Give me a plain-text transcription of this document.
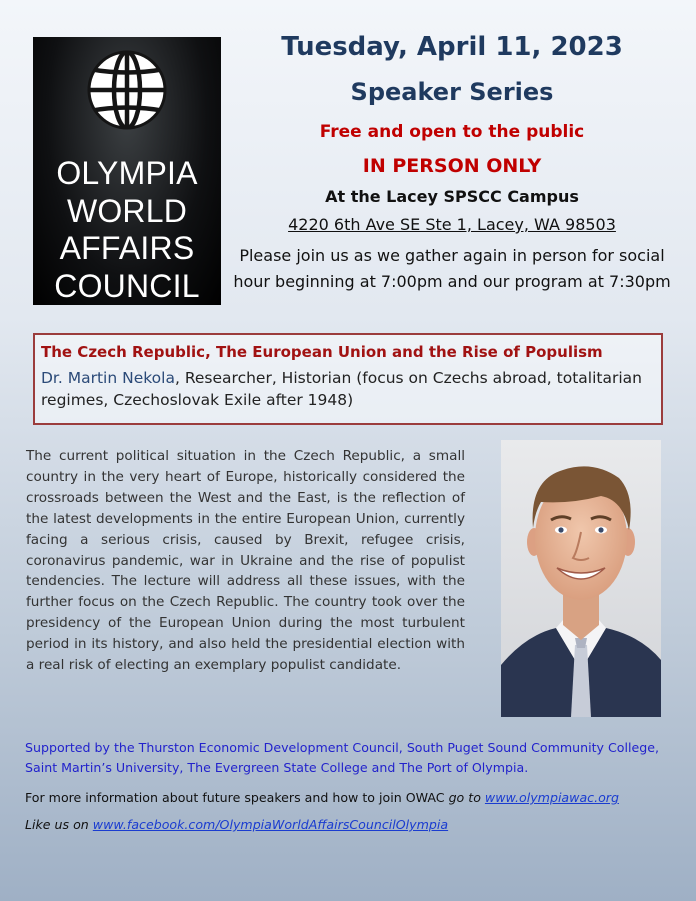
OLYMPIA
WORLD
AFFAIRS
COUNCIL
Tuesday, April 11, 2023
Speaker Series
Free and open to the public
IN PERSON ONLY
At the Lacey SPSCC Campus
4220 6th Ave SE Ste 1, Lacey, WA 98503
Please join us as we gather again in person for social hour beginning at 7:00pm and our program at 7:30pm
The Czech Republic, The European Union and the Rise of Populism
Dr. Martin Nekola, Researcher, Historian (focus on Czechs abroad, totalitarian regimes, Czechoslovak Exile after 1948)
The current political situation in the Czech Republic, a small country in the very heart of Europe, historically considered the crossroads between the West and the East, is the reflection of the latest developments in the entire European Union, currently facing a serious crisis, caused by Brexit, refugee crisis, coronavirus pandemic, war in Ukraine and the rise of populist tendencies. The lecture will address all these issues, with the further focus on the Czech Republic. The country took over the presidency of the European Union during the most turbulent period in its history, and also held the presidential election with a real risk of electing an exemplary populist candidate.
Supported by the Thurston Economic Development Council, South Puget Sound Community College, Saint Martin’s University, The Evergreen State College and The Port of Olympia.
For more information about future speakers and how to join OWAC go to www.olympiawac.org
Like us on www.facebook.com/OlympiaWorldAffairsCouncilOlympia
